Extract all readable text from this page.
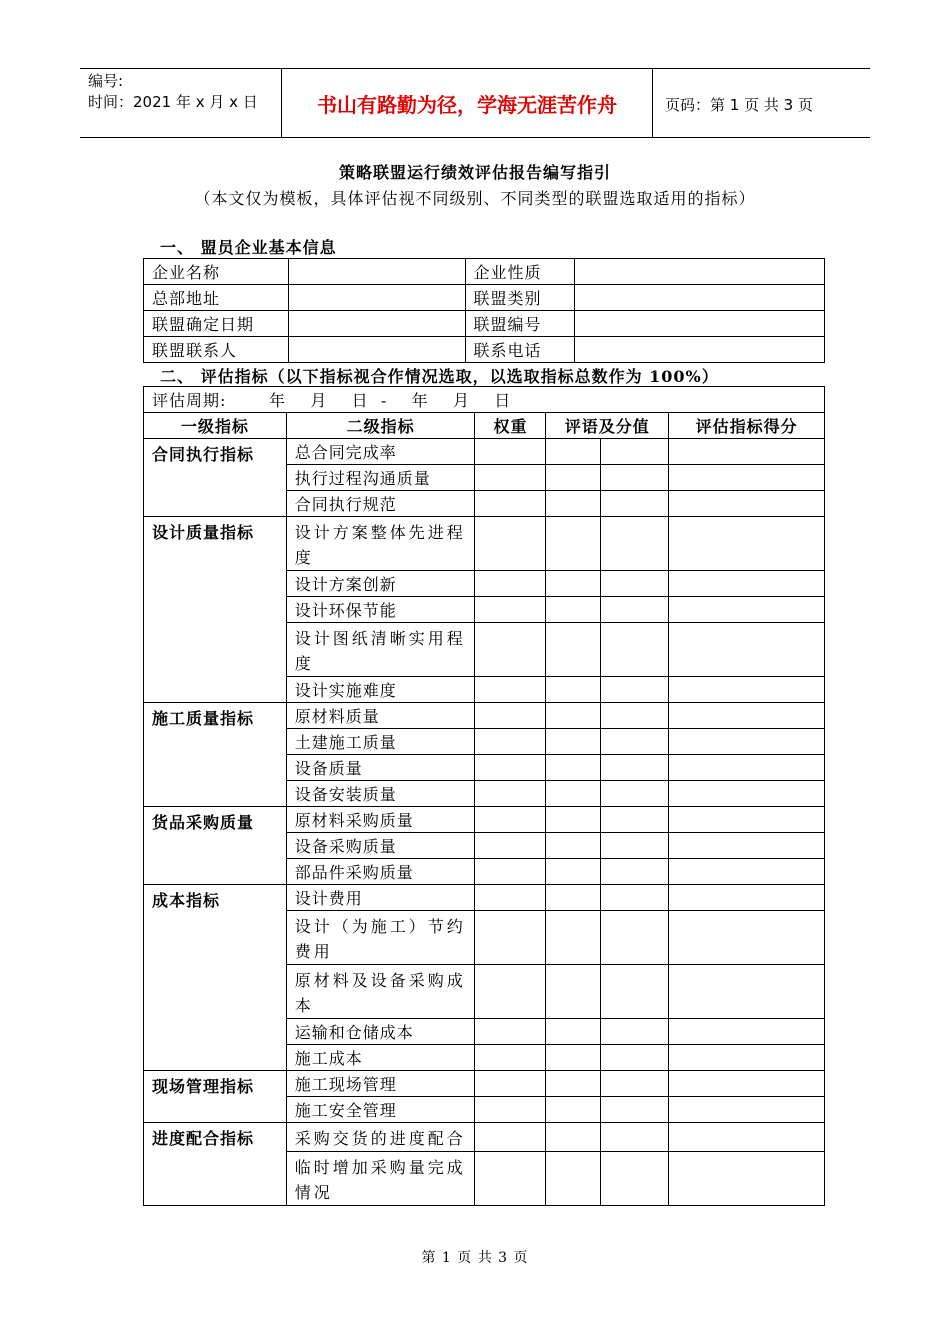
编号:
时间：2021 年 x 月 x 日	书山有路勤为径，学海无涯苦作舟	页码：第 1 页 共 3 页
策略联盟运行绩效评估报告编写指引
（本文仅为模板，具体评估视不同级别、不同类型的联盟选取适用的指标）
一、 盟员企业基本信息
企业名称		企业性质	
总部地址		联盟类别	
联盟确定日期		联盟编号	
联盟联系人		联系电话	
二、 评估指标（以下指标视合作情况选取，以选取指标总数作为 100%）
评估周期:       年    月    日  -    年    月    日					
一级指标	二级指标	权重	评语及分值		评估指标得分
合同执行指标	总合同完成率				
	执行过程沟通质量				
	合同执行规范				
设计质量指标	设计方案整体先进程度				
	设计方案创新				
	设计环保节能				
	设计图纸清晰实用程度				
	设计实施难度				
施工质量指标	原材料质量				
	土建施工质量				
	设备质量				
	设备安装质量				
货品采购质量	原材料采购质量				
	设备采购质量				
	部品件采购质量				
成本指标	设计费用				
	设计（为施工）节约费用				
	原材料及设备采购成本				
	运输和仓储成本				
	施工成本				
现场管理指标	施工现场管理				
	施工安全管理				
进度配合指标	采购交货的进度配合				
	临时增加采购量完成情况				
第 1 页 共 3 页
